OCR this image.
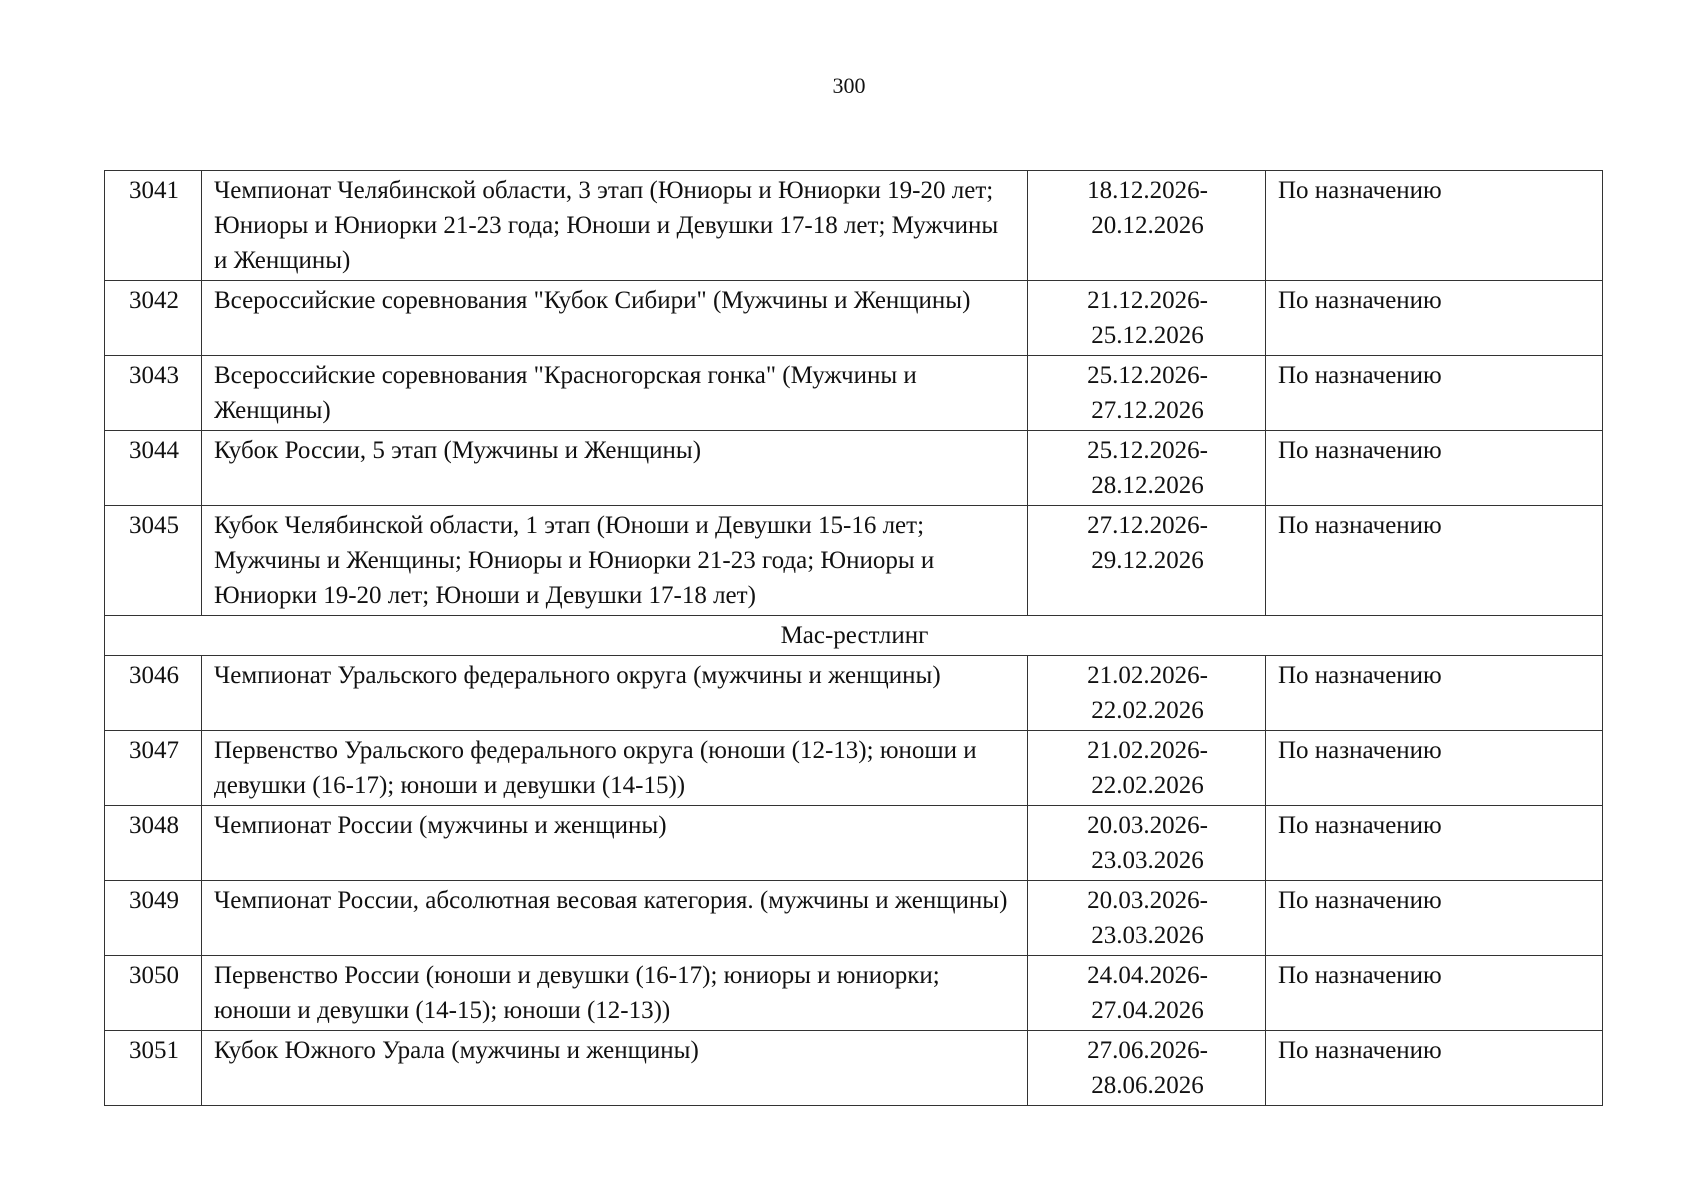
300
3041	Чемпионат Челябинской области, 3 этап (Юниоры и Юниорки 19-20 лет; Юниоры и Юниорки 21-23 года; Юноши и Девушки 17-18 лет; Мужчины и Женщины)	18.12.2026-
20.12.2026	По назначению
3042	Всероссийские соревнования "Кубок Сибири" (Мужчины и Женщины)	21.12.2026-
25.12.2026	По назначению
3043	Всероссийские соревнования "Красногорская гонка" (Мужчины и Женщины)	25.12.2026-
27.12.2026	По назначению
3044	Кубок России, 5 этап (Мужчины и Женщины)	25.12.2026-
28.12.2026	По назначению
3045	Кубок Челябинской области, 1 этап (Юноши и Девушки 15-16 лет; Мужчины и Женщины; Юниоры и Юниорки 21-23 года; Юниоры и Юниорки 19-20 лет; Юноши и Девушки 17-18 лет)	27.12.2026-
29.12.2026	По назначению
Мас-рестлинг			
3046	Чемпионат Уральского федерального округа (мужчины и женщины)	21.02.2026-
22.02.2026	По назначению
3047	Первенство Уральского федерального округа (юноши (12-13); юноши и девушки (16-17); юноши и девушки (14-15))	21.02.2026-
22.02.2026	По назначению
3048	Чемпионат России (мужчины и женщины)	20.03.2026-
23.03.2026	По назначению
3049	Чемпионат России, абсолютная весовая категория. (мужчины и женщины)	20.03.2026-
23.03.2026	По назначению
3050	Первенство России (юноши и девушки (16-17); юниоры и юниорки; юноши и девушки (14-15); юноши (12-13))	24.04.2026-
27.04.2026	По назначению
3051	Кубок Южного Урала (мужчины и женщины)	27.06.2026-
28.06.2026	По назначению
